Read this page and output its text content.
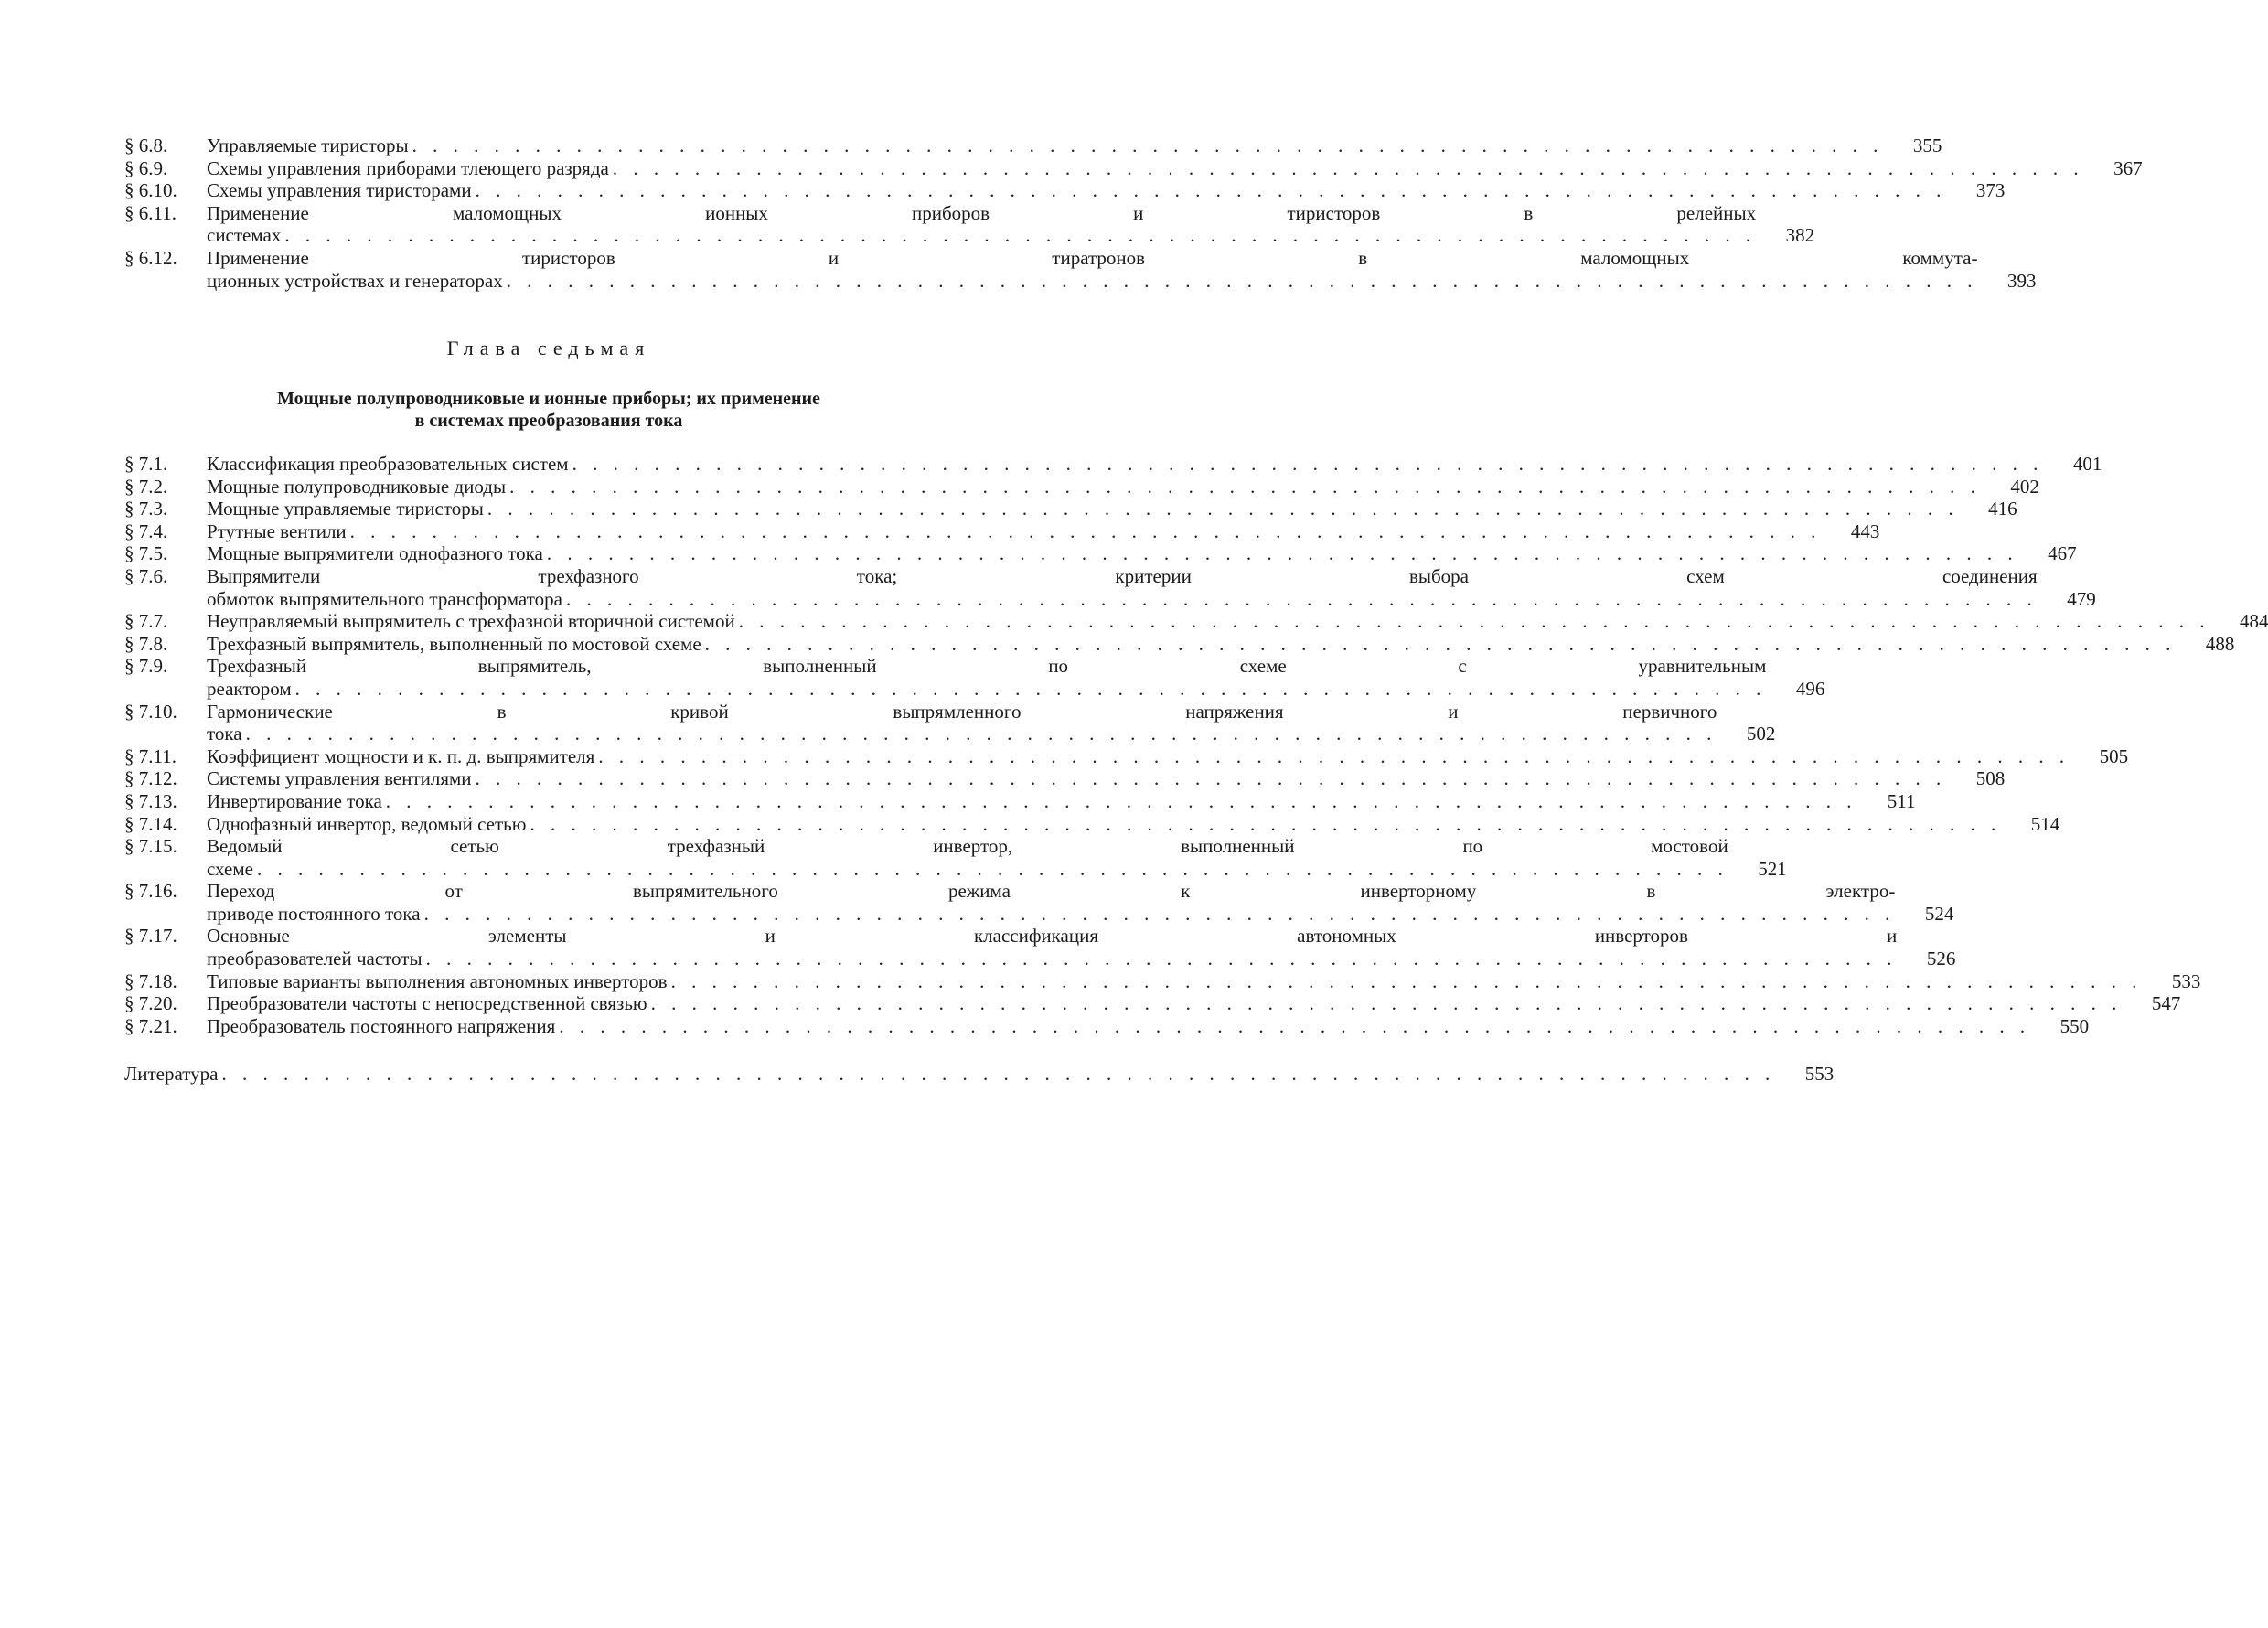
§ 6.8.	Управляемые тиристоры . . . . . . . . . . . . . . . . . . . . . . . . . . . . . . . . . . . . . . . . . . . . . . . . . . . . . . . . . . . . . . . . . . . . . . . .	355
§ 6.9.	Схемы управления приборами тлеющего разряда . . . . . . . . . . . . . . . . . . . . . . . . . . . . . . . . . . . . . . . . . . . . . . . . . . . . . . . . . . . . . . . . . . . . . . . .	367
§ 6.10.	Схемы управления тиристорами . . . . . . . . . . . . . . . . . . . . . . . . . . . . . . . . . . . . . . . . . . . . . . . . . . . . . . . . . . . . . . . . . . . . . . . .	373
§ 6.11.	Применение маломощных ионных приборов и тиристоров в релейных
системах . . . . . . . . . . . . . . . . . . . . . . . . . . . . . . . . . . . . . . . . . . . . . . . . . . . . . . . . . . . . . . . . . . . . . . . .	382
§ 6.12.	Применение тиристоров и тиратронов в маломощных коммута-
ционных устройствах и генераторах . . . . . . . . . . . . . . . . . . . . . . . . . . . . . . . . . . . . . . . . . . . . . . . . . . . . . . . . . . . . . . . . . . . . . . . .	393
Глава седьмая
Мощные полупроводниковые и ионные приборы; их применение
в системах преобразования тока
§ 7.1.	Классификация преобразовательных систем . . . . . . . . . . . . . . . . . . . . . . . . . . . . . . . . . . . . . . . . . . . . . . . . . . . . . . . . . . . . . . . . . . . . . . . .	401
§ 7.2.	Мощные полупроводниковые диоды . . . . . . . . . . . . . . . . . . . . . . . . . . . . . . . . . . . . . . . . . . . . . . . . . . . . . . . . . . . . . . . . . . . . . . . .	402
§ 7.3.	Мощные управляемые тиристоры . . . . . . . . . . . . . . . . . . . . . . . . . . . . . . . . . . . . . . . . . . . . . . . . . . . . . . . . . . . . . . . . . . . . . . . .	416
§ 7.4.	Ртутные вентили . . . . . . . . . . . . . . . . . . . . . . . . . . . . . . . . . . . . . . . . . . . . . . . . . . . . . . . . . . . . . . . . . . . . . . . .	443
§ 7.5.	Мощные выпрямители однофазного тока . . . . . . . . . . . . . . . . . . . . . . . . . . . . . . . . . . . . . . . . . . . . . . . . . . . . . . . . . . . . . . . . . . . . . . . .	467
§ 7.6.	Выпрямители трехфазного тока; критерии выбора схем соединения
обмоток выпрямительного трансформатора . . . . . . . . . . . . . . . . . . . . . . . . . . . . . . . . . . . . . . . . . . . . . . . . . . . . . . . . . . . . . . . . . . . . . . . .	479
§ 7.7.	Неуправляемый выпрямитель с трехфазной вторичной системой . . . . . . . . . . . . . . . . . . . . . . . . . . . . . . . . . . . . . . . . . . . . . . . . . . . . . . . . . . . . . . . . . . . . . . . .	484
§ 7.8.	Трехфазный выпрямитель, выполненный по мостовой схеме . . . . . . . . . . . . . . . . . . . . . . . . . . . . . . . . . . . . . . . . . . . . . . . . . . . . . . . . . . . . . . . . . . . . . . . .	488
§ 7.9.	Трехфазный выпрямитель, выполненный по схеме с уравнительным
реактором . . . . . . . . . . . . . . . . . . . . . . . . . . . . . . . . . . . . . . . . . . . . . . . . . . . . . . . . . . . . . . . . . . . . . . . .	496
§ 7.10.	Гармонические в кривой выпрямленного напряжения и первичного
тока . . . . . . . . . . . . . . . . . . . . . . . . . . . . . . . . . . . . . . . . . . . . . . . . . . . . . . . . . . . . . . . . . . . . . . . .	502
§ 7.11.	Коэффициент мощности и к. п. д. выпрямителя . . . . . . . . . . . . . . . . . . . . . . . . . . . . . . . . . . . . . . . . . . . . . . . . . . . . . . . . . . . . . . . . . . . . . . . .	505
§ 7.12.	Системы управления вентилями . . . . . . . . . . . . . . . . . . . . . . . . . . . . . . . . . . . . . . . . . . . . . . . . . . . . . . . . . . . . . . . . . . . . . . . .	508
§ 7.13.	Инвертирование тока . . . . . . . . . . . . . . . . . . . . . . . . . . . . . . . . . . . . . . . . . . . . . . . . . . . . . . . . . . . . . . . . . . . . . . . .	511
§ 7.14.	Однофазный инвертор, ведомый сетью . . . . . . . . . . . . . . . . . . . . . . . . . . . . . . . . . . . . . . . . . . . . . . . . . . . . . . . . . . . . . . . . . . . . . . . .	514
§ 7.15.	Ведомый сетью трехфазный инвертор, выполненный по мостовой
схеме . . . . . . . . . . . . . . . . . . . . . . . . . . . . . . . . . . . . . . . . . . . . . . . . . . . . . . . . . . . . . . . . . . . . . . . .	521
§ 7.16.	Переход от выпрямительного режима к инверторному в электро-
приводе постоянного тока . . . . . . . . . . . . . . . . . . . . . . . . . . . . . . . . . . . . . . . . . . . . . . . . . . . . . . . . . . . . . . . . . . . . . . . .	524
§ 7.17.	Основные элементы и классификация автономных инверторов и
преобразователей частоты . . . . . . . . . . . . . . . . . . . . . . . . . . . . . . . . . . . . . . . . . . . . . . . . . . . . . . . . . . . . . . . . . . . . . . . .	526
§ 7.18.	Типовые варианты выполнения автономных инверторов . . . . . . . . . . . . . . . . . . . . . . . . . . . . . . . . . . . . . . . . . . . . . . . . . . . . . . . . . . . . . . . . . . . . . . . .	533
§ 7.20.	Преобразователи частоты с непосредственной связью . . . . . . . . . . . . . . . . . . . . . . . . . . . . . . . . . . . . . . . . . . . . . . . . . . . . . . . . . . . . . . . . . . . . . . . .	547
§ 7.21.	Преобразователь постоянного напряжения . . . . . . . . . . . . . . . . . . . . . . . . . . . . . . . . . . . . . . . . . . . . . . . . . . . . . . . . . . . . . . . . . . . . . . . .	550
Литература . . . . . . . . . . . . . . . . . . . . . . . . . . . . . . . . . . . . . . . . . . . . . . . . . . . . . . . . . . . . . . . . . . . . . . . . . . . .	553
